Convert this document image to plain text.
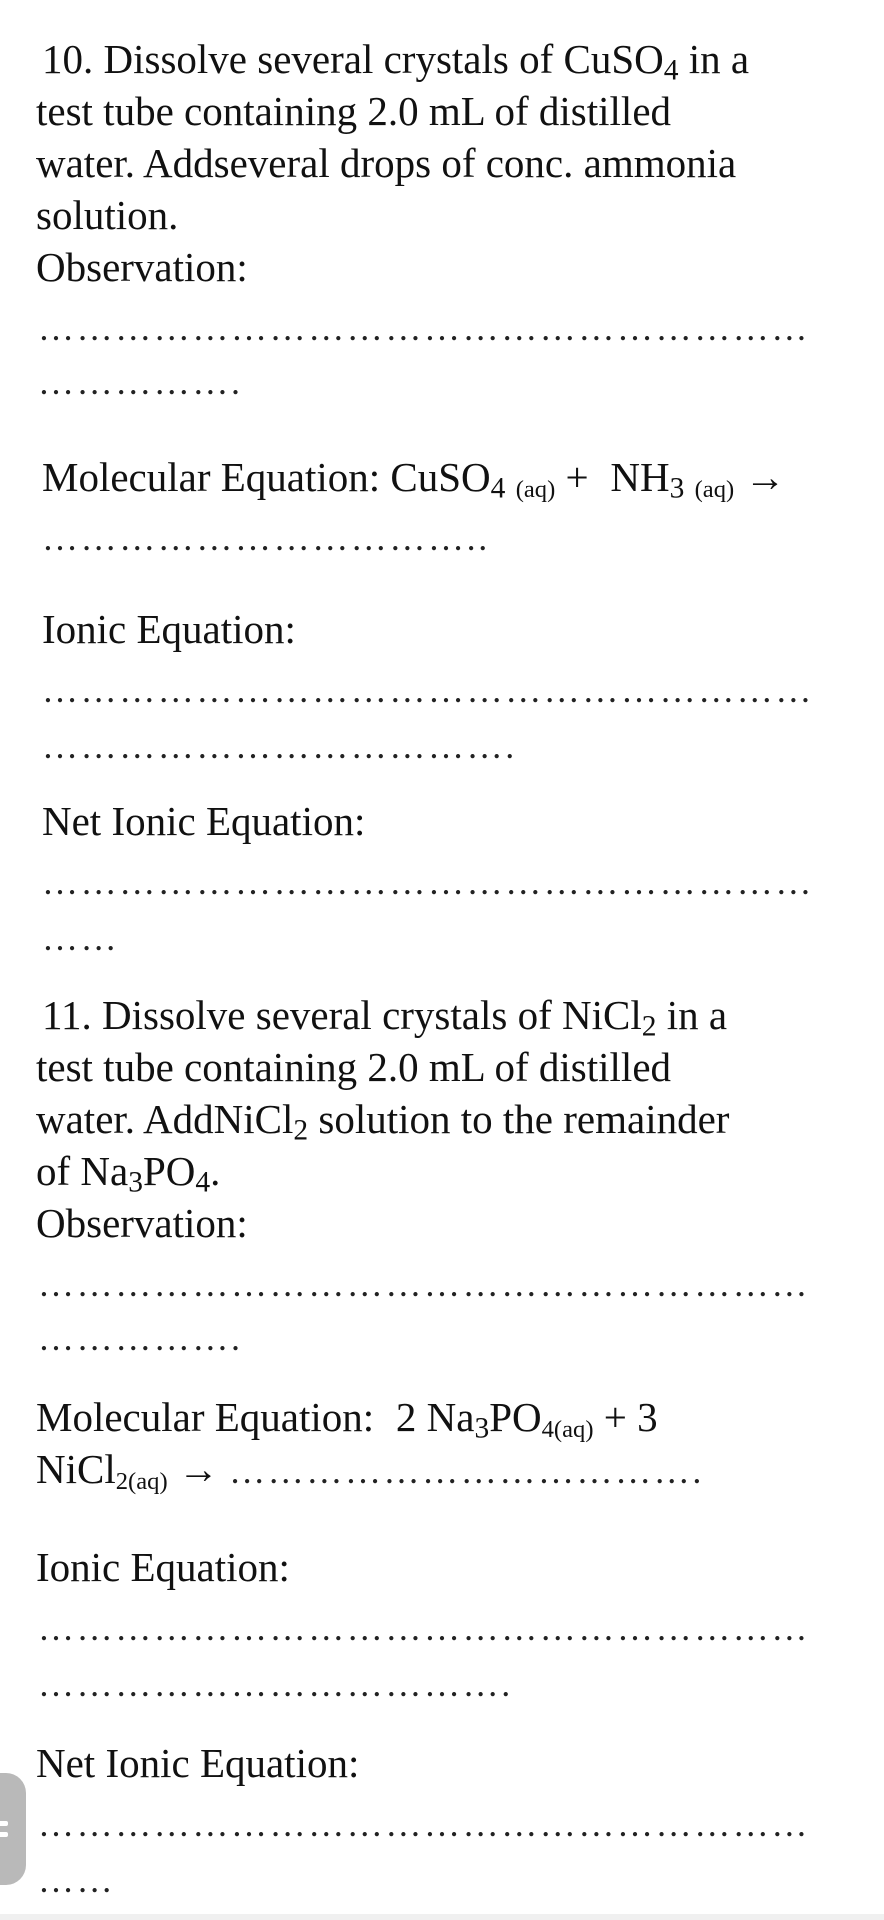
10. Dissolve several crystals of CuSO$_4$ in a
test tube containing 2.0 mL of distilled
water. Addseveral drops of conc. ammonia
solution.
Observation:
……………………………………………………
…………….
Molecular Equation: CuSO$_4$ $_{(aq)} + NH_3$ $_{(aq)}$ →
……………………………..
Ionic Equation:
……………………………………………………
……………………………….
Net Ionic Equation:
……………………………………………………
……
11. Dissolve several crystals of NiCl$_2$ in a
test tube containing 2.0 mL of distilled
water. AddNiCl$_2$ solution to the remainder
of $Na_3PO_4$.
Observation:
……………………………………………………
…………….
Molecular Equation: 2 $Na_3PO_{4(aq)} + 3$
NiCl$_{2(aq)}$ → ……………………………….
Ionic Equation:
……………………………………………………
……………………………….
Net Ionic Equation:
……………………………………………………
……
